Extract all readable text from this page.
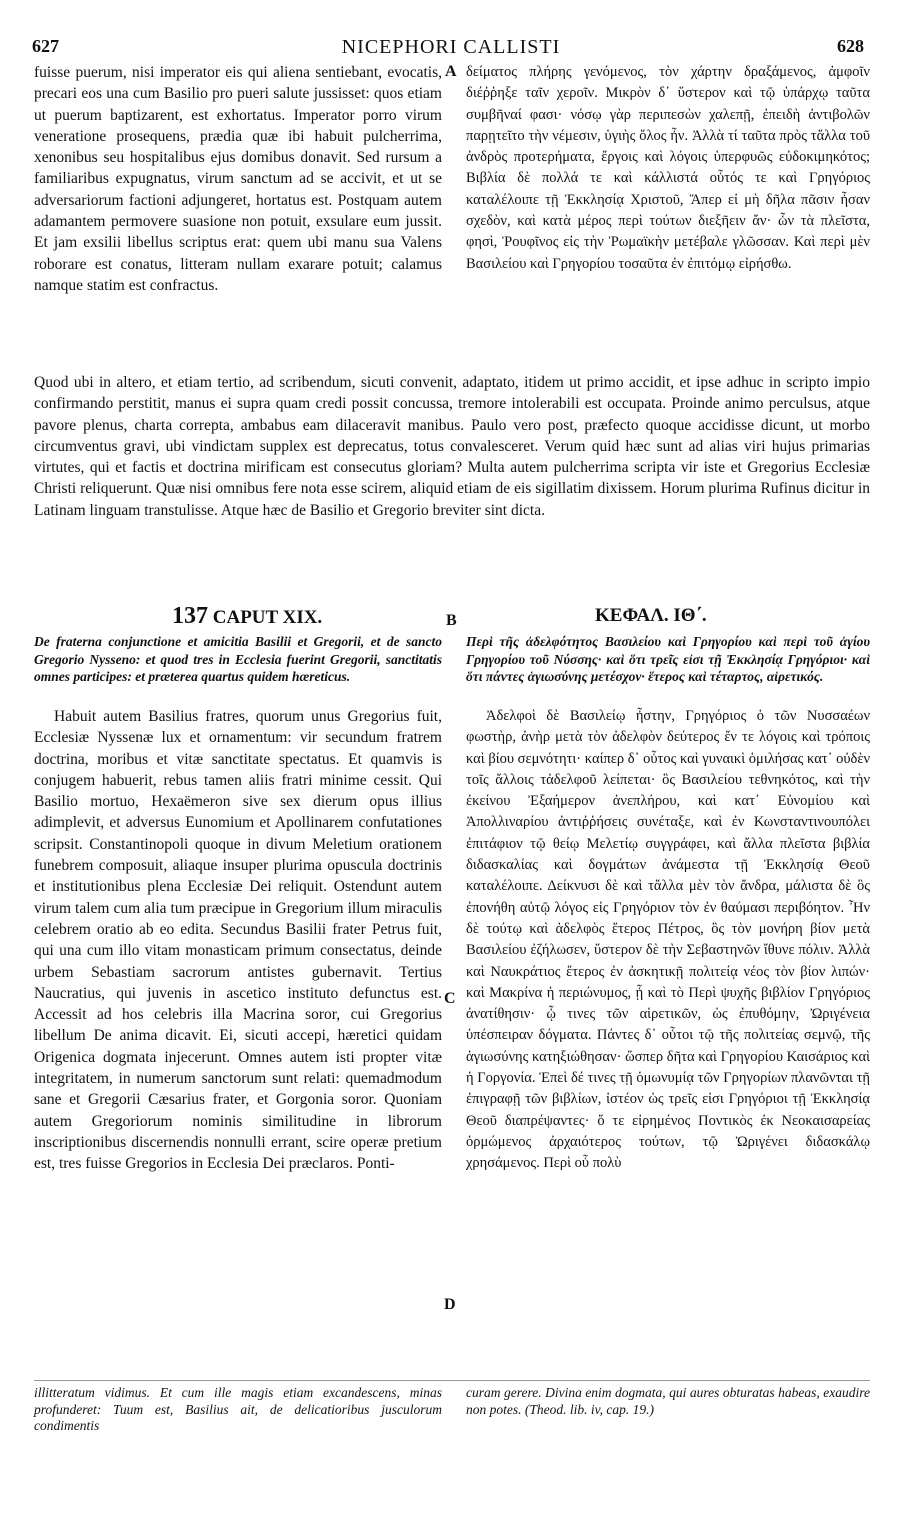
627	NICEPHORI CALLISTI	628
fuisse puerum, nisi imperator eis qui aliena sentiebant, evocatis, precari eos una cum Basilio pro pueri salute jussisset: quos etiam ut puerum baptizarent, est exhortatus. Imperator porro virum veneratione prosequens, prædia quæ ibi habuit pulcherrima, xenonibus seu hospitalibus ejus domibus donavit. Sed rursum a familiaribus expugnatus, virum sanctum ad se accivit, et ut se adversariorum factioni adjungeret, hortatus est. Postquam autem adamantem permovere suasione non potuit, exsulare eum jussit. Et jam exsilii libellus scriptus erat: quem ubi manu sua Valens roborare est conatus, litteram nullam exarare potuit; calamus namque statim est confractus.
A δείματος πλήρης γενόμενος, τὸν χάρτην δραξάμενος, ἀμφοῖν διέῤῥηξε ταῖν χεροῖν. Μικρὸν δ᾿ ὕστερον καὶ τῷ ὑπάρχῳ ταῦτα συμβῆναί φασι· νόσῳ γὰρ περιπεσὼν χαλεπῇ, ἐπειδὴ ἀντιβολῶν παρῃτεῖτο τὴν νέμεσιν, ὑγιὴς ὅλος ἦν. Ἀλλὰ τί ταῦτα πρὸς τἄλλα τοῦ ἀνδρὸς προτερήματα, ἔργοις καὶ λόγοις ὑπερφυῶς εὐδοκιμηκότος; Βιβλία δὲ πολλά τε καὶ κάλλιστά οὗτός τε καὶ Γρηγόριος καταλέλοιπε τῇ Ἐκκλησίᾳ Χριστοῦ, Ἅπερ εἰ μὴ δῆλα πᾶσιν ἦσαν σχεδὸν, καὶ κατὰ μέρος περὶ τούτων διεξῆειν ἄν· ὧν τὰ πλεῖστα, φησὶ, Ῥουφῖνος εἰς τὴν Ῥωμαϊκὴν μετέβαλε γλῶσσαν. Καὶ περὶ μὲν Βασιλείου καὶ Γρηγορίου τοσαῦτα ἐν ἐπιτόμῳ εἰρήσθω.
Quod ubi in altero, et etiam tertio, ad scribendum, sicuti convenit, adaptato, itidem ut primo accidit, et ipse adhuc in scripto impio confirmando perstitit, manus ei supra quam credi possit concussa, tremore intolerabili est occupata. Proinde animo perculsus, atque pavore plenus, charta correpta, ambabus eam dilaceravit manibus. Paulo vero post, præfecto quoque accidisse dicunt, ut morbo circumventus gravi, ubi vindictam supplex est deprecatus, totus convalesceret. Verum quid hæc sunt ad alias viri hujus primarias virtutes, qui et factis et doctrina mirificam est consecutus gloriam? Multa autem pulcherrima scripta vir iste et Gregorius Ecclesiæ Christi reliquerunt. Quæ nisi omnibus fere nota esse scirem, aliquid etiam de eis sigillatim dixissem. Horum plurima Rufinus dicitur in Latinam linguam transtulisse. Atque hæc de Basilio et Gregorio breviter sint dicta.
137 CAPUT XIX.	B	ΚΕΦΑΛ. ΙΘ΄.
De fraterna conjunctione et amicitia Basilii et Gregorii, et de sancto Gregorio Nysseno: et quod tres in Ecclesia fuerint Gregorii, sanctitatis omnes participes: et præterea quartus quidem hæreticus.
Περὶ τῆς ἀδελφότητος Βασιλείου καὶ Γρηγορίου καὶ περὶ τοῦ ἁγίου Γρηγορίου τοῦ Νύσσης· καὶ ὅτι τρεῖς εἰσι τῇ Ἐκκλησίᾳ Γρηγόριοι· καὶ ὅτι πάντες ἁγιωσύνης μετέσχον· ἕτερος καὶ τέταρτος, αἱρετικός.
Habuit autem Basilius fratres, quorum unus Gregorius fuit, Ecclesiæ Nyssenæ lux et ornamentum: vir secundum fratrem doctrina, moribus et vitæ sanctitate spectatus. Et quamvis is conjugem habuerit, rebus tamen aliis fratri minime cessit. Qui Basilio mortuo, Hexaëmeron sive sex dierum opus illius adimplevit, et adversus Eunomium et Apollinarem confutationes scripsit. Constantinopoli quoque in divum Meletium orationem funebrem composuit, aliaque insuper plurima opuscula doctrinis et institutionibus plena Ecclesiæ Dei reliquit. Ostendunt autem virum talem cum alia tum præcipue in Gregorium illum miraculis celebrem oratio ab eo edita. Secundus Basilii frater Petrus fuit, qui una cum illo vitam monasticam primum consectatus, deinde urbem Sebastiam sacrorum antistes gubernavit. Tertius Naucratius, qui juvenis in ascetico instituto defunctus est. Accessit ad hos celebris illa Macrina soror, cui Gregorius libellum De anima dicavit. Ei, sicuti accepi, hæretici quidam Origenica dogmata injecerunt. Omnes autem isti propter vitæ integritatem, in numerum sanctorum sunt relati: quemadmodum sane et Gregorii Cæsarius frater, et Gorgonia soror. Quoniam autem Gregoriorum nominis similitudine in librorum inscriptionibus discernendis nonnulli errant, scire operæ pretium est, tres fuisse Gregorios in Ecclesia Dei præclaros. Ponti-
C
D
Ἀδελφοὶ δὲ Βασιλείῳ ἦστην, Γρηγόριος ὁ τῶν Νυσσαέων φωστὴρ, ἀνὴρ μετὰ τὸν ἀδελφὸν δεύτερος ἔν τε λόγοις καὶ τρόποις καὶ βίου σεμνότητι· καίπερ δ᾿ οὗτος καὶ γυναικὶ ὁμιλήσας κατ᾿ οὐδὲν τοῖς ἄλλοις τἀδελφοῦ λείπεται· ὃς Βασιλείου τεθνηκότος, καὶ τὴν ἐκείνου Ἐξαήμερον ἀνεπλήρου, καὶ κατ᾿ Εὐνομίου καὶ Ἀπολλιναρίου ἀντιῤῥήσεις συνέταξε, καὶ ἐν Κωνσταντινουπόλει ἐπιτάφιον τῷ θείῳ Μελετίῳ συγγράφει, καὶ ἄλλα πλεῖστα βιβλία διδασκαλίας καὶ δογμάτων ἀνάμεστα τῇ Ἐκκλησίᾳ Θεοῦ καταλέλοιπε. Δείκνυσι δὲ καὶ τἄλλα μὲν τὸν ἄνδρα, μάλιστα δὲ ὃς ἐπονήθη αὐτῷ λόγος εἰς Γρηγόριον τὸν ἐν θαύμασι περιβόητον. Ἦν δὲ τούτῳ καὶ ἀδελφὸς ἕτερος Πέτρος, ὃς τὸν μονήρη βίον μετὰ Βασιλείου ἐζήλωσεν, ὕστερον δὲ τὴν Σεβαστηνῶν ἴθυνε πόλιν. Ἀλλὰ καὶ Ναυκράτιος ἕτερος ἐν ἀσκητικῇ πολιτείᾳ νέος τὸν βίον λιπών· καὶ Μακρίνα ἡ περιώνυμος, ᾗ καὶ τὸ Περὶ ψυχῆς βιβλίον Γρηγόριος ἀνατίθησιν· ᾧ τινες τῶν αἱρετικῶν, ὡς ἐπυθόμην, Ὠριγένεια ὑπέσπειραν δόγματα. Πάντες δ᾿ οὗτοι τῷ τῆς πολιτείας σεμνῷ, τῆς ἁγιωσύνης κατηξιώθησαν· ὥσπερ δῆτα καὶ Γρηγορίου Καισάριος καὶ ἡ Γοργονία. Ἐπεὶ δέ τινες τῇ ὁμωνυμίᾳ τῶν Γρηγορίων πλανῶνται τῇ ἐπιγραφῇ τῶν βιβλίων, ἰστέον ὡς τρεῖς εἰσι Γρηγόριοι τῇ Ἐκκλησίᾳ Θεοῦ διαπρέψαντες· ὅ τε εἰρημένος Ποντικὸς ἐκ Νεοκαισαρείας ὁρμώμενος ἀρχαιότερος τούτων, τῷ Ὠριγένει διδασκάλῳ χρησάμενος. Περὶ οὗ πολὺ
illitteratum vidimus. Et cum ille magis etiam excandescens, minas profunderet: Tuum est, Basilius ait, de delicatioribus jusculorum condimentis
curam gerere. Divina enim dogmata, qui aures obturatas habeas, exaudire non potes. (Theod. lib. iv, cap. 19.)
